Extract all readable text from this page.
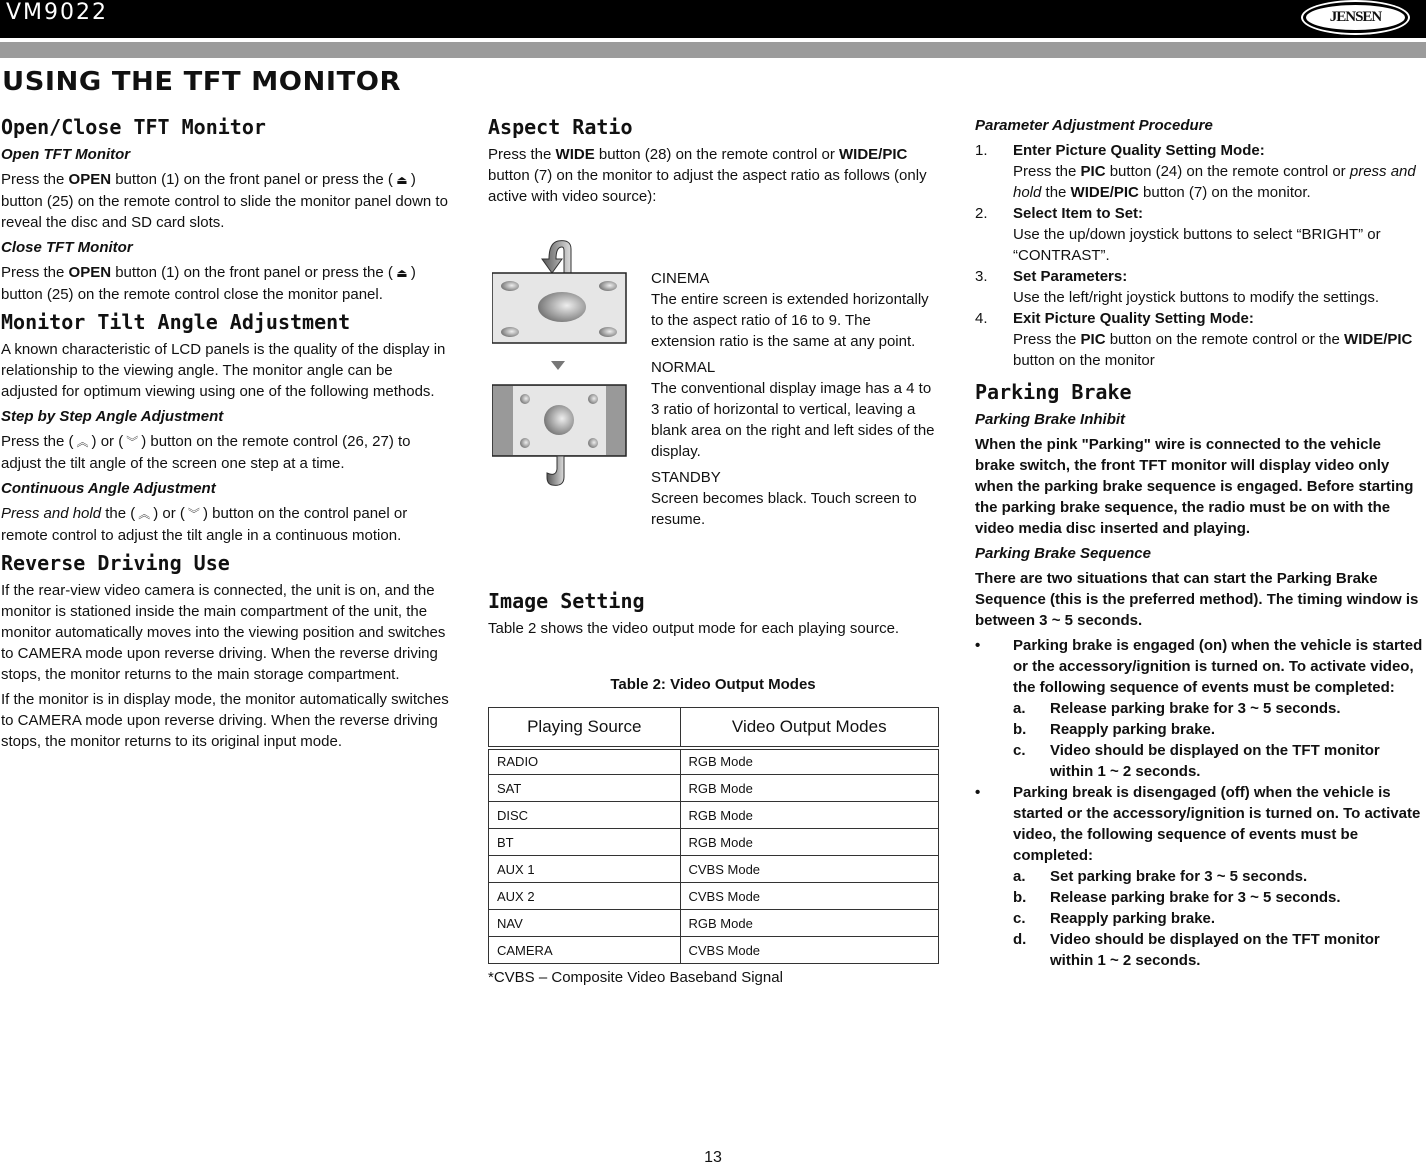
VM9022	JENSEN
USING THE TFT MONITOR
Open/Close TFT Monitor
Open TFT Monitor

Press the OPEN button (1) on the front panel or press the ( ⏏ ) button (25) on the remote control to slide the monitor panel down to reveal the disc and SD card slots.

Close TFT Monitor

Press the OPEN button (1) on the front panel or press the ( ⏏ ) button (25) on the remote control close the monitor panel.

Monitor Tilt Angle Adjustment

A known characteristic of LCD panels is the quality of the display in relationship to the viewing angle. The monitor angle can be adjusted for optimum viewing using one of the following methods.

Step by Step Angle Adjustment

Press the ( ︽ ) or ( ︾ ) button on the remote control (26, 27) to adjust the tilt angle of the screen one step at a time.

Continuous Angle Adjustment

Press and hold the ( ︽ ) or ( ︾ ) button on the control panel or remote control to adjust the tilt angle in a continuous motion.

Reverse Driving Use

If the rear-view video camera is connected, the unit is on, and the monitor is stationed inside the main compartment of the unit, the monitor automatically moves into the viewing position and switches to CAMERA mode upon reverse driving. When the reverse driving stops, the monitor returns to the main storage compartment.

If the monitor is in display mode, the monitor automatically switches to CAMERA mode upon reverse driving. When the reverse driving stops, the monitor returns to its original input mode.

Aspect Ratio

Press the WIDE button (28) on the remote control or WIDE/PIC button (7) on the monitor to adjust the aspect ratio as follows (only active with video source):

CINEMA
The entire screen is extended horizontally to the aspect ratio of 16 to 9. The extension ratio is the same at any point.
NORMAL
The conventional display image has a 4 to 3 ratio of horizontal to vertical, leaving a blank area on the right and left sides of the display.
STANDBY
Screen becomes black. Touch screen to resume.
Image Setting

Table 2 shows the video output mode for each playing source.

Table 2: Video Output Modes
Playing Source	Video Output Modes
RADIO	RGB Mode
SAT	RGB Mode
DISC	RGB Mode
BT	RGB Mode
AUX 1	CVBS Mode
AUX 2	CVBS Mode
NAV	RGB Mode
CAMERA	CVBS Mode
*CVBS – Composite Video Baseband Signal
Parameter Adjustment Procedure
1.	Enter Picture Quality Setting Mode:
Press the PIC button (24) on the remote control or press and hold the WIDE/PIC button (7) on the monitor.
2.	Select Item to Set:
Use the up/down joystick buttons to select “BRIGHT” or “CONTRAST”.
3.	Set Parameters:
Use the left/right joystick buttons to modify the settings.
4.	Exit Picture Quality Setting Mode:
Press the PIC button on the remote control or the WIDE/PIC button on the monitor
Parking Brake
Parking Brake Inhibit

When the pink "Parking" wire is connected to the vehicle brake switch, the front TFT monitor will display video only when the parking brake sequence is engaged. Before starting the parking brake sequence, the radio must be on with the video media disc inserted and playing.

Parking Brake Sequence

There are two situations that can start the Parking Brake Sequence (this is the preferred method). The timing window is between 3 ~ 5 seconds.

•	Parking brake is engaged (on) when the vehicle is started or the accessory/ignition is turned on. To activate video, the following sequence of events must be completed:
a.	Release parking brake for 3 ~ 5 seconds.
b.	Reapply parking brake.
c.	Video should be displayed on the TFT monitor within 1 ~ 2 seconds.
•	Parking break is disengaged (off) when the vehicle is started or the accessory/ignition is turned on. To activate video, the following sequence of events must be completed:
a.	Set parking brake for 3 ~ 5 seconds.
b.	Release parking brake for 3 ~ 5 seconds.
c.	Reapply parking brake.
d.	Video should be displayed on the TFT monitor within 1 ~ 2 seconds.
13
